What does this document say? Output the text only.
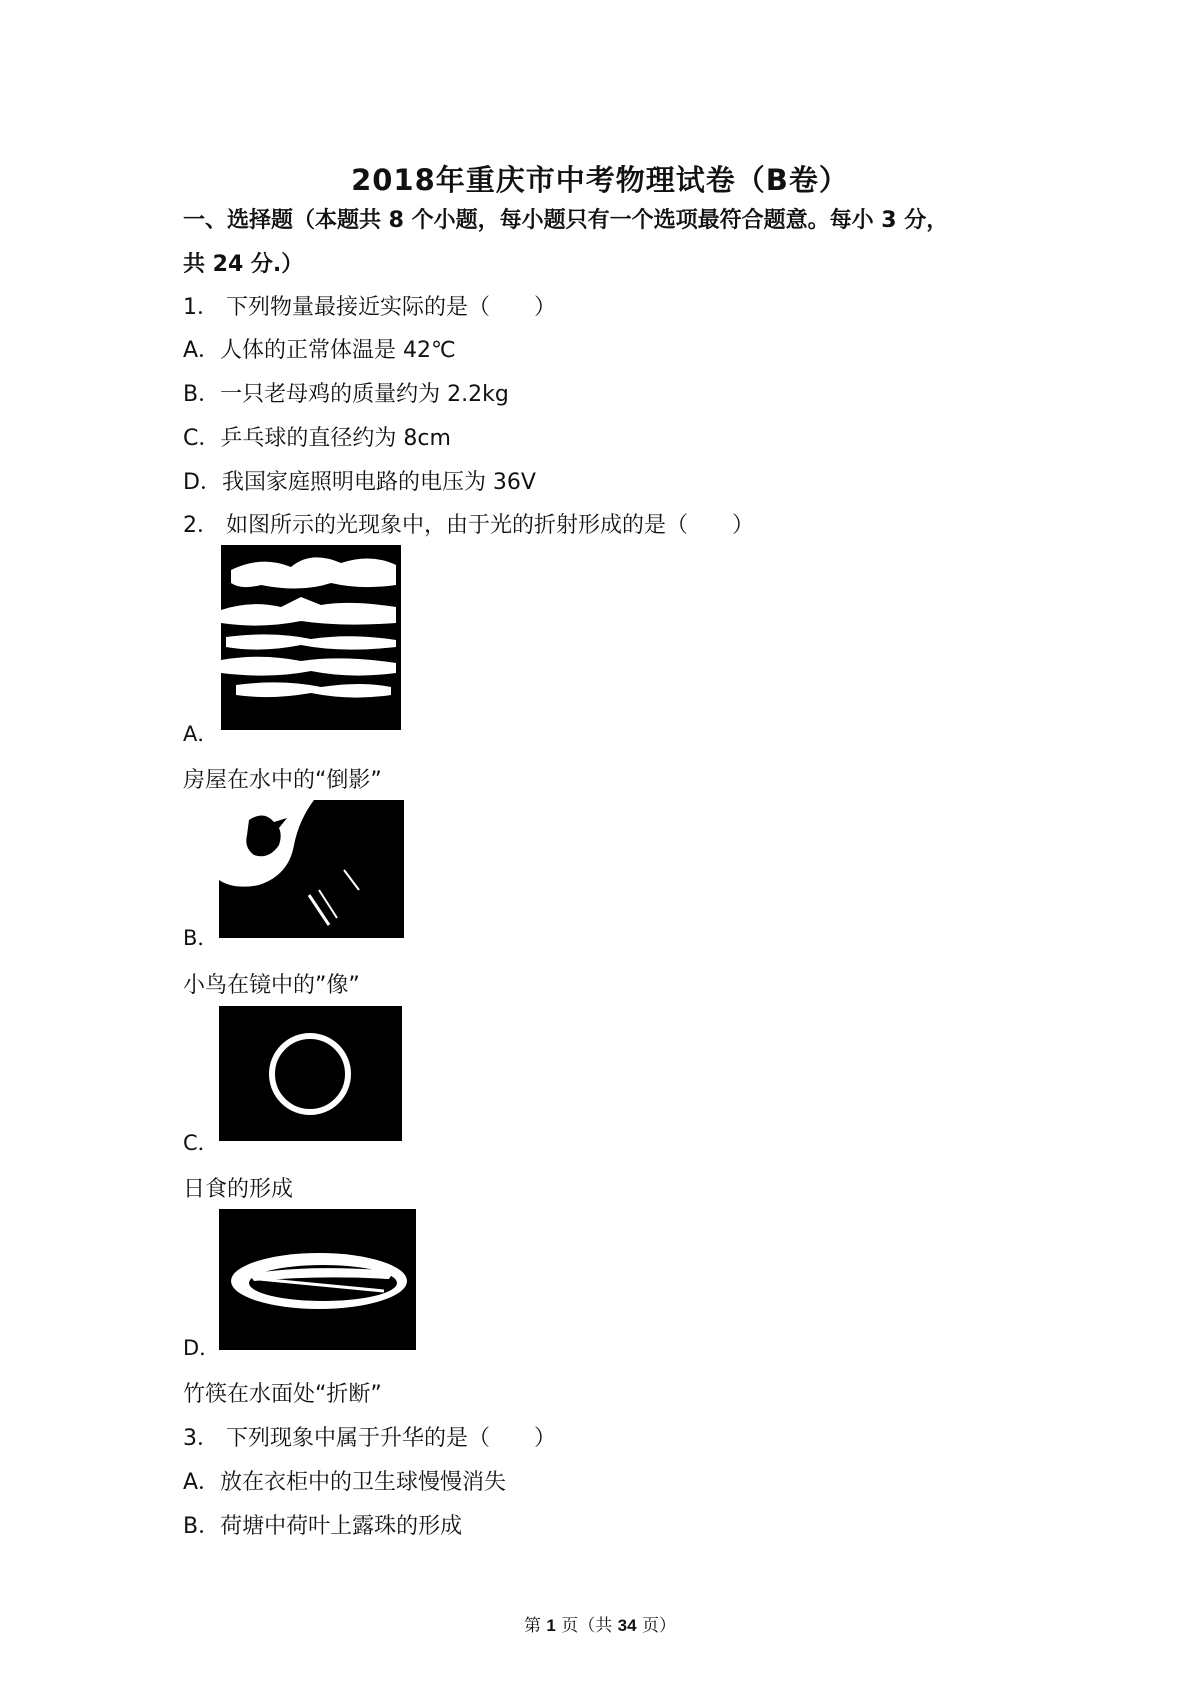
2018年重庆市中考物理试卷（B卷）
一、选择题（本题共 8 个小题，每小题只有一个选项最符合题意。每小 3 分，
共 24 分.）
1． 下列物量最接近实际的是（　　）
A．人体的正常体温是 42℃
B．一只老母鸡的质量约为 2.2kg
C．乒乓球的直径约为 8cm
D．我国家庭照明电路的电压为 36V
2． 如图所示的光现象中，由于光的折射形成的是（　　）
A．
房屋在水中的“倒影”
B．
小鸟在镜中的”像”
C．
日食的形成
D．
竹筷在水面处“折断”
3． 下列现象中属于升华的是（　　）
A．放在衣柜中的卫生球慢慢消失
B．荷塘中荷叶上露珠的形成
第 1 页（共 34 页）
